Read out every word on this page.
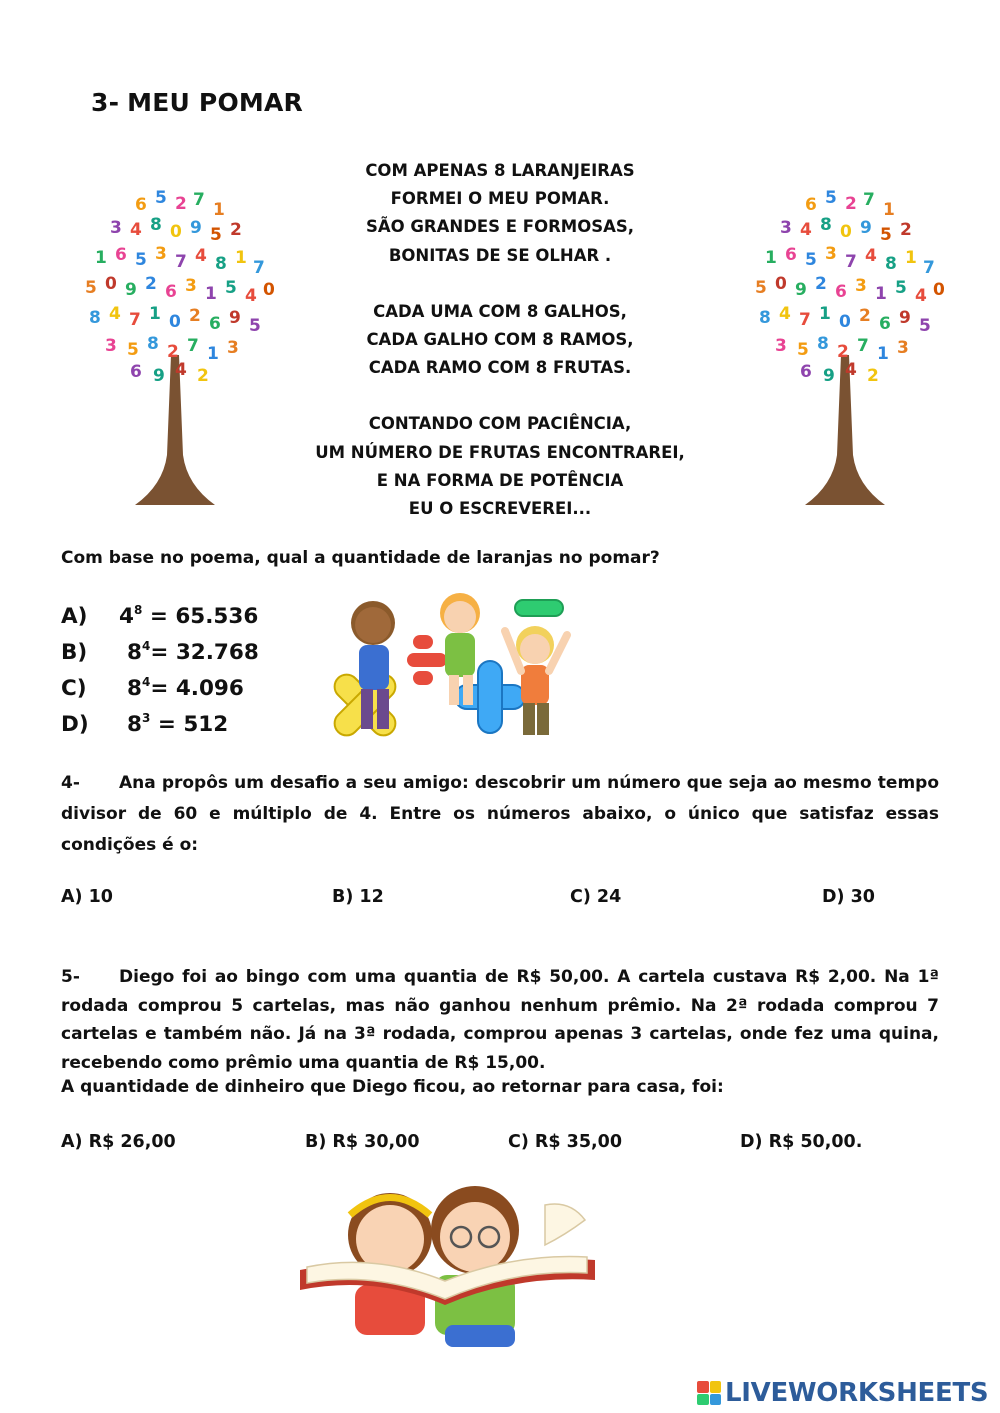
3- MEU POMAR
6 5 2 7 1
3 4 8 0 9 5 2
1 6 5 3 7 4 8 1 7
5 0 9 2 6 3 1 5 4 0
8 4 7 1 0 2 6 9 5
3 5 8 2 7 1 3
6 9 4 2
6 5 2 7 1
3 4 8 0 9 5 2
1 6 5 3 7 4 8 1 7
5 0 9 2 6 3 1 5 4 0
8 4 7 1 0 2 6 9 5
3 5 8 2 7 1 3
6 9 4 2
COM APENAS 8 LARANJEIRAS
FORMEI O MEU POMAR.
SÃO GRANDES E FORMOSAS,
BONITAS DE SE OLHAR .
CADA UMA COM 8 GALHOS,
CADA GALHO COM 8 RAMOS,
CADA RAMO COM 8 FRUTAS.
CONTANDO COM PACIÊNCIA,
UM NÚMERO DE FRUTAS ENCONTRAREI,
E NA FORMA DE POTÊNCIA
EU O ESCREVEREI...
Com base no poema, qual a quantidade de laranjas no pomar?
A) $4^8 = 65.536$
B) $8^4= 32.768$
C) $8^4= 4.096$
D) $8^3 = 512$
4- Ana propôs um desafio a seu amigo: descobrir um número que seja ao mesmo tempo divisor de 60 e múltiplo de 4. Entre os números abaixo, o único que satisfaz essas condições é o:
A) 10	B) 12	C) 24	D) 30
5- Diego foi ao bingo com uma quantia de R$ 50,00. A cartela custava R$ 2,00. Na 1ª rodada comprou 5 cartelas, mas não ganhou nenhum prêmio. Na 2ª rodada comprou 7 cartelas e também não. Já na 3ª rodada, comprou apenas 3 cartelas, onde fez uma quina, recebendo como prêmio uma quantia de R$ 15,00.
A quantidade de dinheiro que Diego ficou, ao retornar para casa, foi:
A) R$ 26,00	B) R$ 30,00	C) R$ 35,00	D) R$ 50,00.
LIVEWORKSHEETS
